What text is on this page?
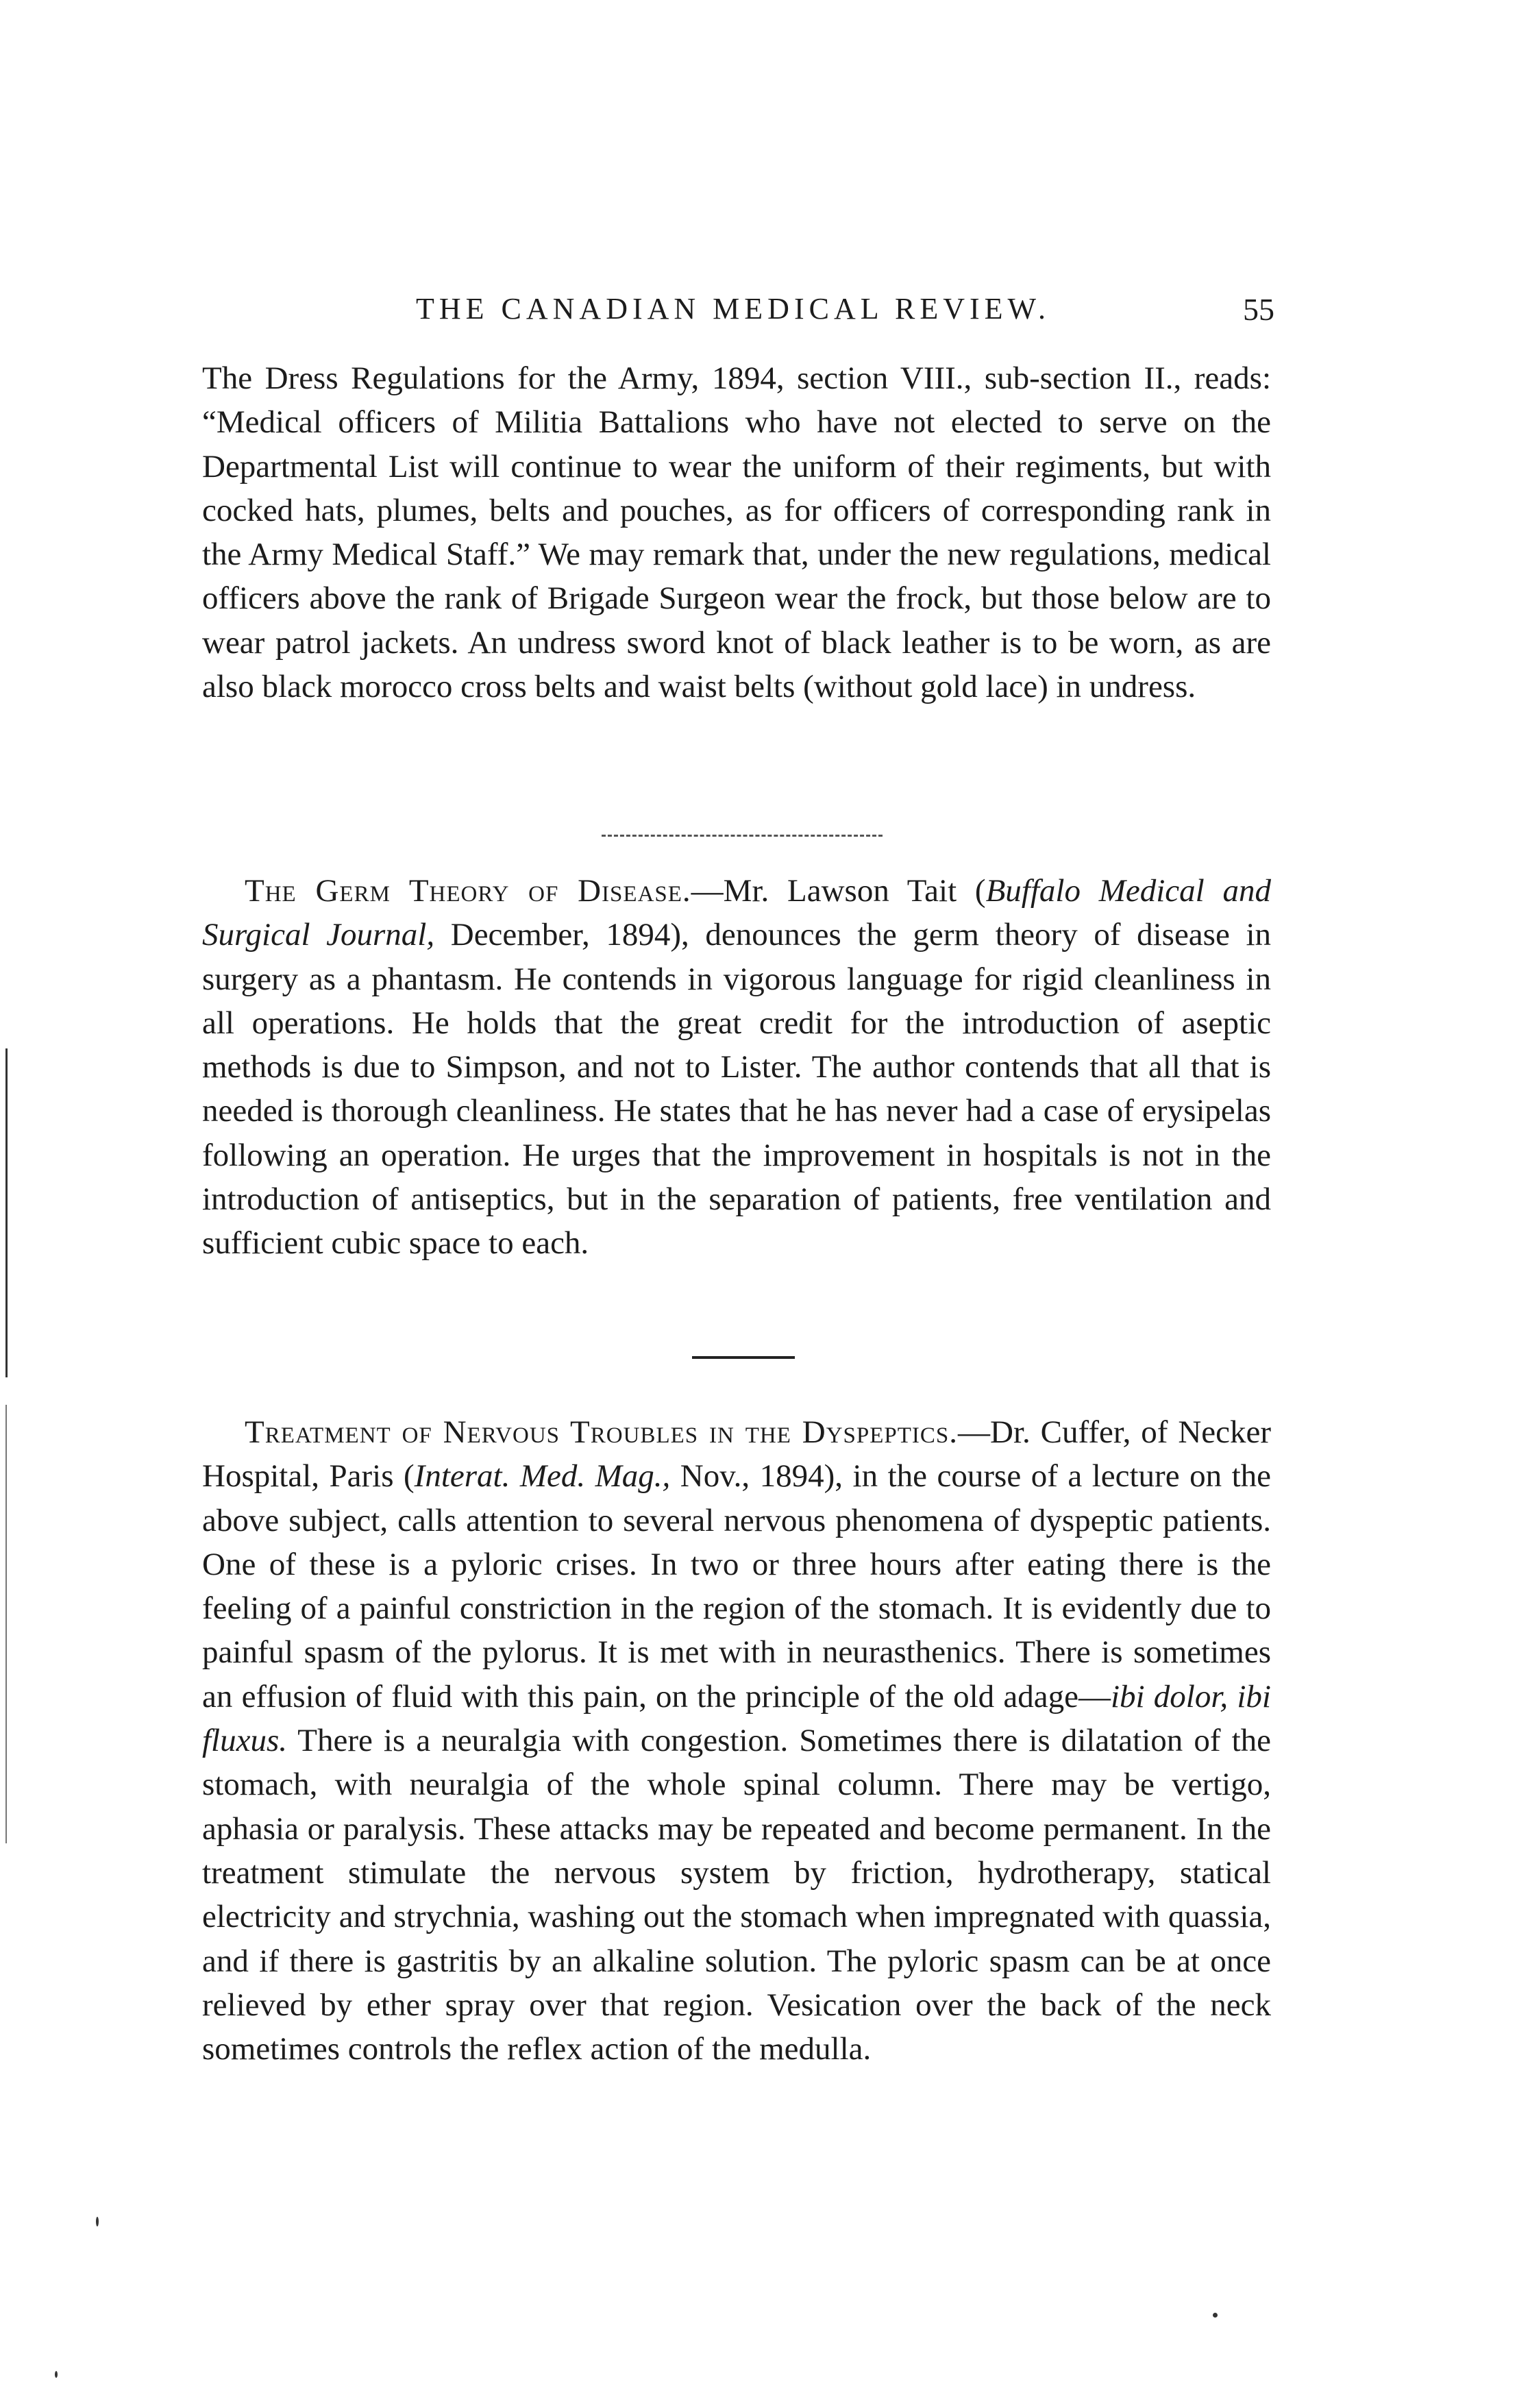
THE CANADIAN MEDICAL REVIEW.	55

The Dress Regulations for the Army, 1894, section VIII., sub-section II., reads: “Medical officers of Militia Battalions who have not elected to serve on the Departmental List will continue to wear the uniform of their regiments, but with cocked hats, plumes, belts and pouches, as for officers of corresponding rank in the Army Medical Staff.” We may remark that, under the new regulations, medical officers above the rank of Brigade Surgeon wear the frock, but those below are to wear patrol jackets. An undress sword knot of black leather is to be worn, as are also black morocco cross belts and waist belts (without gold lace) in undress.

The Germ Theory of Disease.—Mr. Lawson Tait (Buffalo Medical and Surgical Journal, December, 1894), denounces the germ theory of disease in surgery as a phantasm. He contends in vigorous language for rigid cleanliness in all operations. He holds that the great credit for the introduction of aseptic methods is due to Simpson, and not to Lister. The author contends that all that is needed is thorough cleanliness. He states that he has never had a case of erysipelas following an operation. He urges that the improvement in hospitals is not in the introduction of antiseptics, but in the separation of patients, free ventilation and sufficient cubic space to each.

Treatment of Nervous Troubles in the Dyspeptics.—Dr. Cuffer, of Necker Hospital, Paris (Interat. Med. Mag., Nov., 1894), in the course of a lecture on the above subject, calls attention to several nervous phenomena of dyspeptic patients. One of these is a pyloric crises. In two or three hours after eating there is the feeling of a painful constriction in the region of the stomach. It is evidently due to painful spasm of the pylorus. It is met with in neurasthenics. There is sometimes an effusion of fluid with this pain, on the principle of the old adage—ibi dolor, ibi fluxus. There is a neuralgia with congestion. Sometimes there is dilatation of the stomach, with neuralgia of the whole spinal column. There may be vertigo, aphasia or paralysis. These attacks may be repeated and become permanent. In the treatment stimulate the nervous system by friction, hydrotherapy, statical electricity and strychnia, washing out the stomach when impregnated with quassia, and if there is gastritis by an alkaline solution. The pyloric spasm can be at once relieved by ether spray over that region. Vesication over the back of the neck sometimes controls the reflex action of the medulla.
